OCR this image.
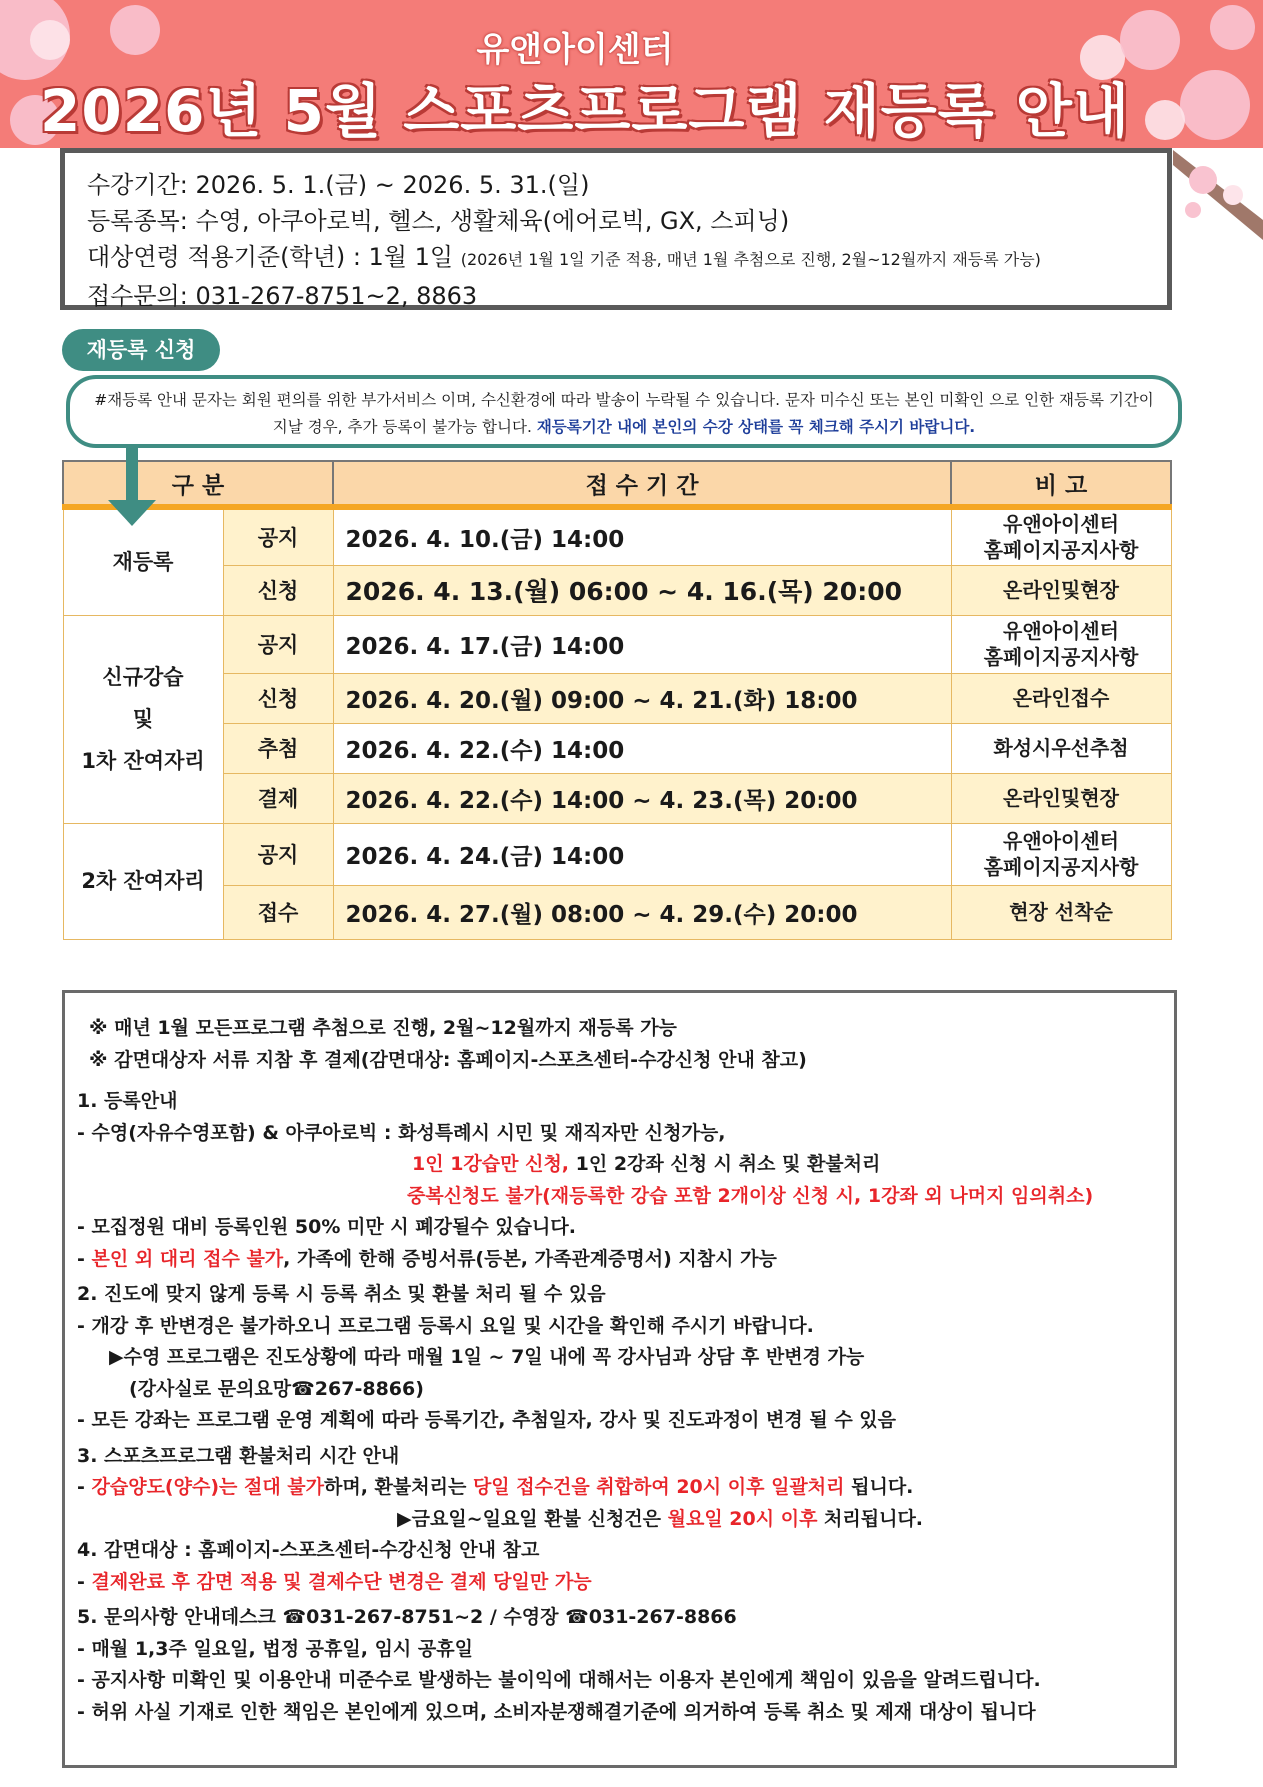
유앤아이센터
2026년 5월 스포츠프로그램 재등록 안내
수강기간: 2026. 5. 1.(금) ~ 2026. 5. 31.(일)
등록종목: 수영, 아쿠아로빅, 헬스, 생활체육(에어로빅, GX, 스피닝)
대상연령 적용기준(학년) : 1월 1일 (2026년 1월 1일 기준 적용, 매년 1월 추첨으로 진행, 2월~12월까지 재등록 가능)
접수문의: 031-267-8751~2, 8863
재등록 신청
#재등록 안내 문자는 회원 편의를 위한 부가서비스 이며, 수신환경에 따라 발송이 누락될 수 있습니다. 문자 미수신 또는 본인 미확인 으로 인한 재등록 기간이 지날 경우, 추가 등록이 불가능 합니다. 재등록기간 내에 본인의 수강 상태를 꼭 체크해 주시기 바랍니다.
구 분		접 수 기 간	비 고
재등록	공지	2026. 4. 10.(금) 14:00	유앤아이센터
홈페이지공지사항
	신청	2026. 4. 13.(월) 06:00 ~ 4. 16.(목) 20:00	온라인및현장
신규강습
및
1차 잔여자리	공지	2026. 4. 17.(금) 14:00	유앤아이센터
홈페이지공지사항
	신청	2026. 4. 20.(월) 09:00 ~ 4. 21.(화) 18:00	온라인접수
	추첨	2026. 4. 22.(수) 14:00	화성시우선추첨
	결제	2026. 4. 22.(수) 14:00 ~ 4. 23.(목) 20:00	온라인및현장
2차 잔여자리	공지	2026. 4. 24.(금) 14:00	유앤아이센터
홈페이지공지사항
	접수	2026. 4. 27.(월) 08:00 ~ 4. 29.(수) 20:00	현장 선착순
※ 매년 1월 모든프로그램 추첨으로 진행, 2월~12월까지 재등록 가능
※ 감면대상자 서류 지참 후 결제(감면대상: 홈페이지-스포츠센터-수강신청 안내 참고)
1. 등록안내
- 수영(자유수영포함) & 아쿠아로빅 : 화성특례시 시민 및 재직자만 신청가능,
1인 1강습만 신청, 1인 2강좌 신청 시 취소 및 환불처리
중복신청도 불가(재등록한 강습 포함 2개이상 신청 시, 1강좌 외 나머지 임의취소)
- 모집정원 대비 등록인원 50% 미만 시 폐강될수 있습니다.
- 본인 외 대리 접수 불가, 가족에 한해 증빙서류(등본, 가족관계증명서) 지참시 가능
2. 진도에 맞지 않게 등록 시 등록 취소 및 환불 처리 될 수 있음
- 개강 후 반변경은 불가하오니 프로그램 등록시 요일 및 시간을 확인해 주시기 바랍니다.
▶수영 프로그램은 진도상황에 따라 매월 1일 ~ 7일 내에 꼭 강사님과 상담 후 반변경 가능
(강사실로 문의요망☎267-8866)
- 모든 강좌는 프로그램 운영 계획에 따라 등록기간, 추첨일자, 강사 및 진도과정이 변경 될 수 있음
3. 스포츠프로그램 환불처리 시간 안내
- 강습양도(양수)는 절대 불가하며, 환불처리는 당일 접수건을 취합하여 20시 이후 일괄처리 됩니다.
▶금요일~일요일 환불 신청건은 월요일 20시 이후 처리됩니다.
4. 감면대상 : 홈페이지-스포츠센터-수강신청 안내 참고
- 결제완료 후 감면 적용 및 결제수단 변경은 결제 당일만 가능
5. 문의사항 안내데스크 ☎031-267-8751~2 / 수영장 ☎031-267-8866
- 매월 1,3주 일요일, 법정 공휴일, 임시 공휴일
- 공지사항 미확인 및 이용안내 미준수로 발생하는 불이익에 대해서는 이용자 본인에게 책임이 있음을 알려드립니다.
- 허위 사실 기재로 인한 책임은 본인에게 있으며, 소비자분쟁해결기준에 의거하여 등록 취소 및 제재 대상이 됩니다
